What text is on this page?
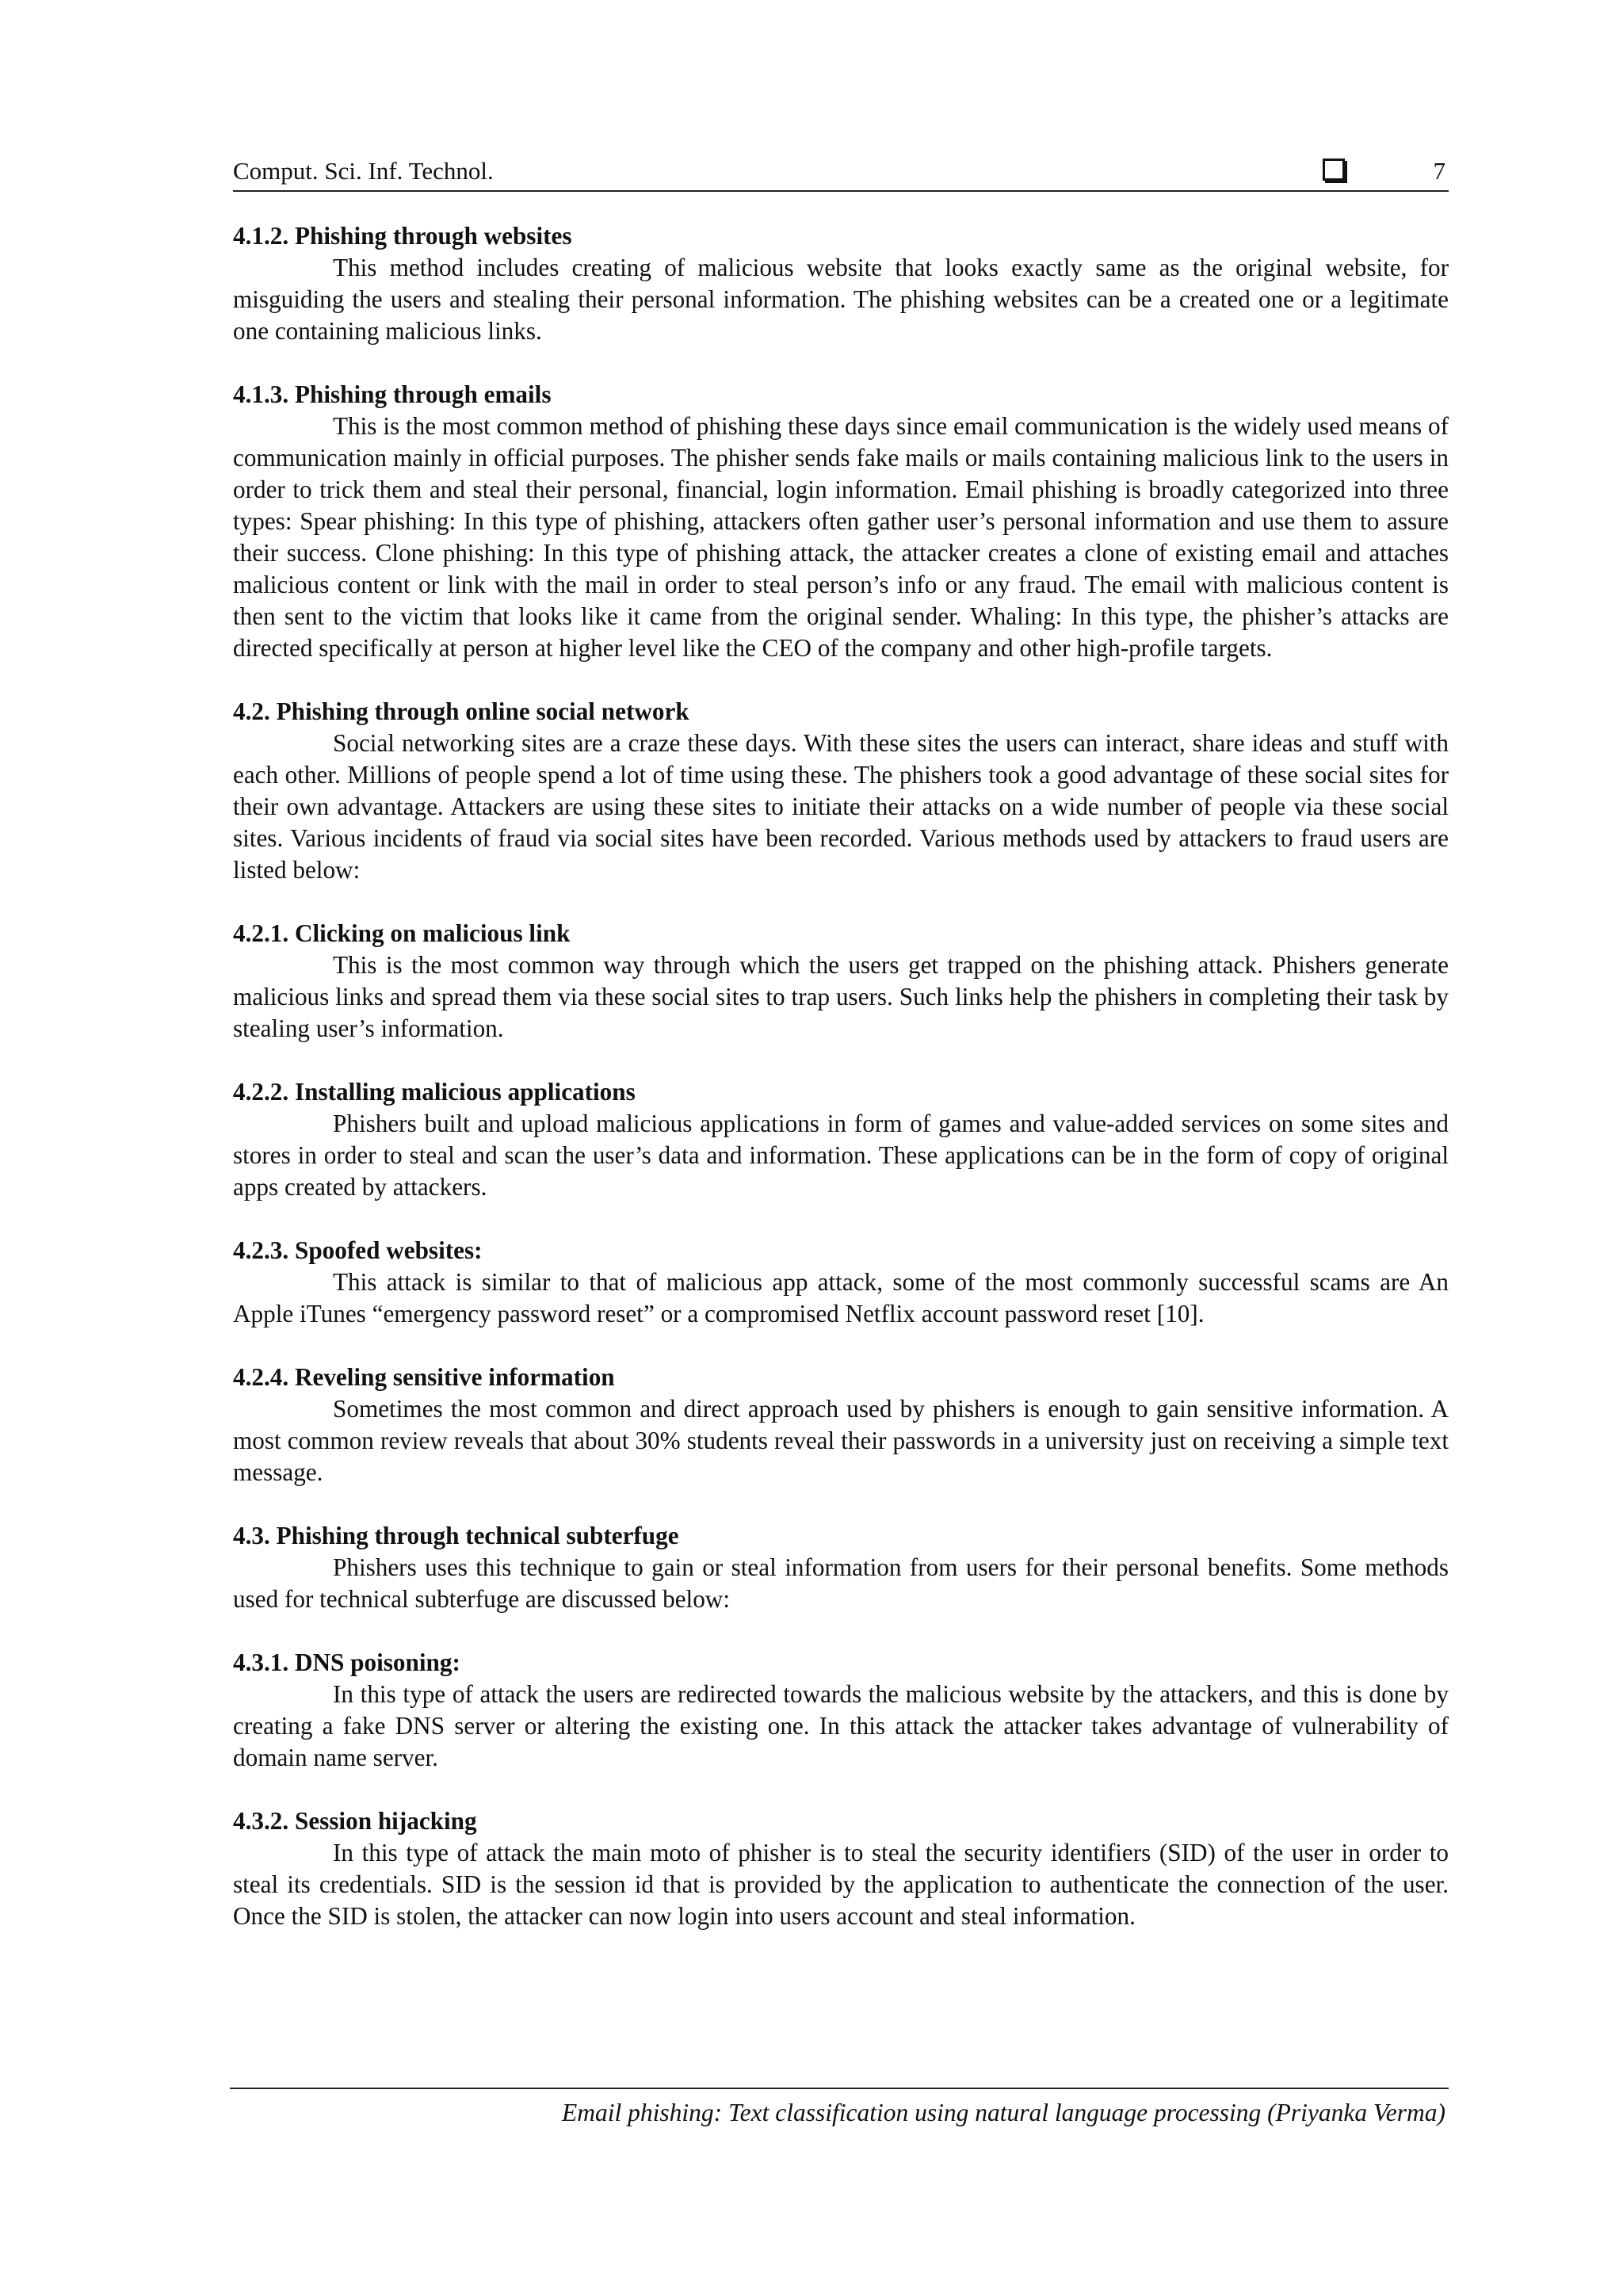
Comput. Sci. Inf. Technol.	7
4.1.2. Phishing through websites

This method includes creating of malicious website that looks exactly same as the original website, for misguiding the users and stealing their personal information. The phishing websites can be a created one or a legitimate one containing malicious links.

4.1.3. Phishing through emails

This is the most common method of phishing these days since email communication is the widely used means of communication mainly in official purposes. The phisher sends fake mails or mails containing malicious link to the users in order to trick them and steal their personal, financial, login information. Email phishing is broadly categorized into three types: Spear phishing: In this type of phishing, attackers often gather user’s personal information and use them to assure their success. Clone phishing: In this type of phishing attack, the attacker creates a clone of existing email and attaches malicious content or link with the mail in order to steal person’s info or any fraud. The email with malicious content is then sent to the victim that looks like it came from the original sender. Whaling: In this type, the phisher’s attacks are directed specifically at person at higher level like the CEO of the company and other high-profile targets.

4.2. Phishing through online social network

Social networking sites are a craze these days. With these sites the users can interact, share ideas and stuff with each other. Millions of people spend a lot of time using these. The phishers took a good advantage of these social sites for their own advantage. Attackers are using these sites to initiate their attacks on a wide number of people via these social sites. Various incidents of fraud via social sites have been recorded. Various methods used by attackers to fraud users are listed below:

4.2.1. Clicking on malicious link

This is the most common way through which the users get trapped on the phishing attack. Phishers generate malicious links and spread them via these social sites to trap users. Such links help the phishers in completing their task by stealing user’s information.

4.2.2. Installing malicious applications

Phishers built and upload malicious applications in form of games and value-added services on some sites and stores in order to steal and scan the user’s data and information. These applications can be in the form of copy of original apps created by attackers.

4.2.3. Spoofed websites:

This attack is similar to that of malicious app attack, some of the most commonly successful scams are An Apple iTunes “emergency password reset” or a compromised Netflix account password reset [10].

4.2.4. Reveling sensitive information

Sometimes the most common and direct approach used by phishers is enough to gain sensitive information. A most common review reveals that about 30% students reveal their passwords in a university just on receiving a simple text message.

4.3. Phishing through technical subterfuge

Phishers uses this technique to gain or steal information from users for their personal benefits. Some methods used for technical subterfuge are discussed below:

4.3.1. DNS poisoning:

In this type of attack the users are redirected towards the malicious website by the attackers, and this is done by creating a fake DNS server or altering the existing one. In this attack the attacker takes advantage of vulnerability of domain name server.

4.3.2. Session hijacking

In this type of attack the main moto of phisher is to steal the security identifiers (SID) of the user in order to steal its credentials. SID is the session id that is provided by the application to authenticate the connection of the user. Once the SID is stolen, the attacker can now login into users account and steal information.

Email phishing: Text classification using natural language processing (Priyanka Verma)
